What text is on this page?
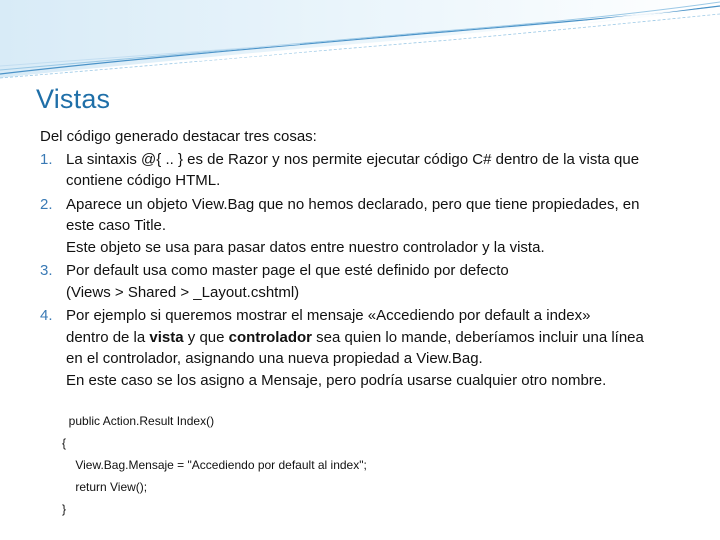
Vistas

Del código generado destacar tres cosas:

1. La sintaxis @{ .. } es de Razor y nos permite ejecutar código C# dentro de la vista que
contiene código HTML.
2. Aparece un objeto View.Bag que no hemos declarado, pero que tiene propiedades, en
este caso Title.
Este objeto se usa para pasar datos entre nuestro controlador y la vista.
3. Por default usa como master page el que esté definido por defecto
(Views > Shared > _Layout.cshtml)
4. Por ejemplo si queremos mostrar el mensaje «Accediendo por default a index»
dentro de la vista y que controlador sea quien lo mande, deberíamos incluir una línea
en el controlador, asignando una nueva propiedad a View.Bag.
En este caso se los asigno a Mensaje, pero podría usarse cualquier otro nombre.
public Action.Result Index()
{
View.Bag.Mensaje = "Accediendo por default al index";
return View();
}
